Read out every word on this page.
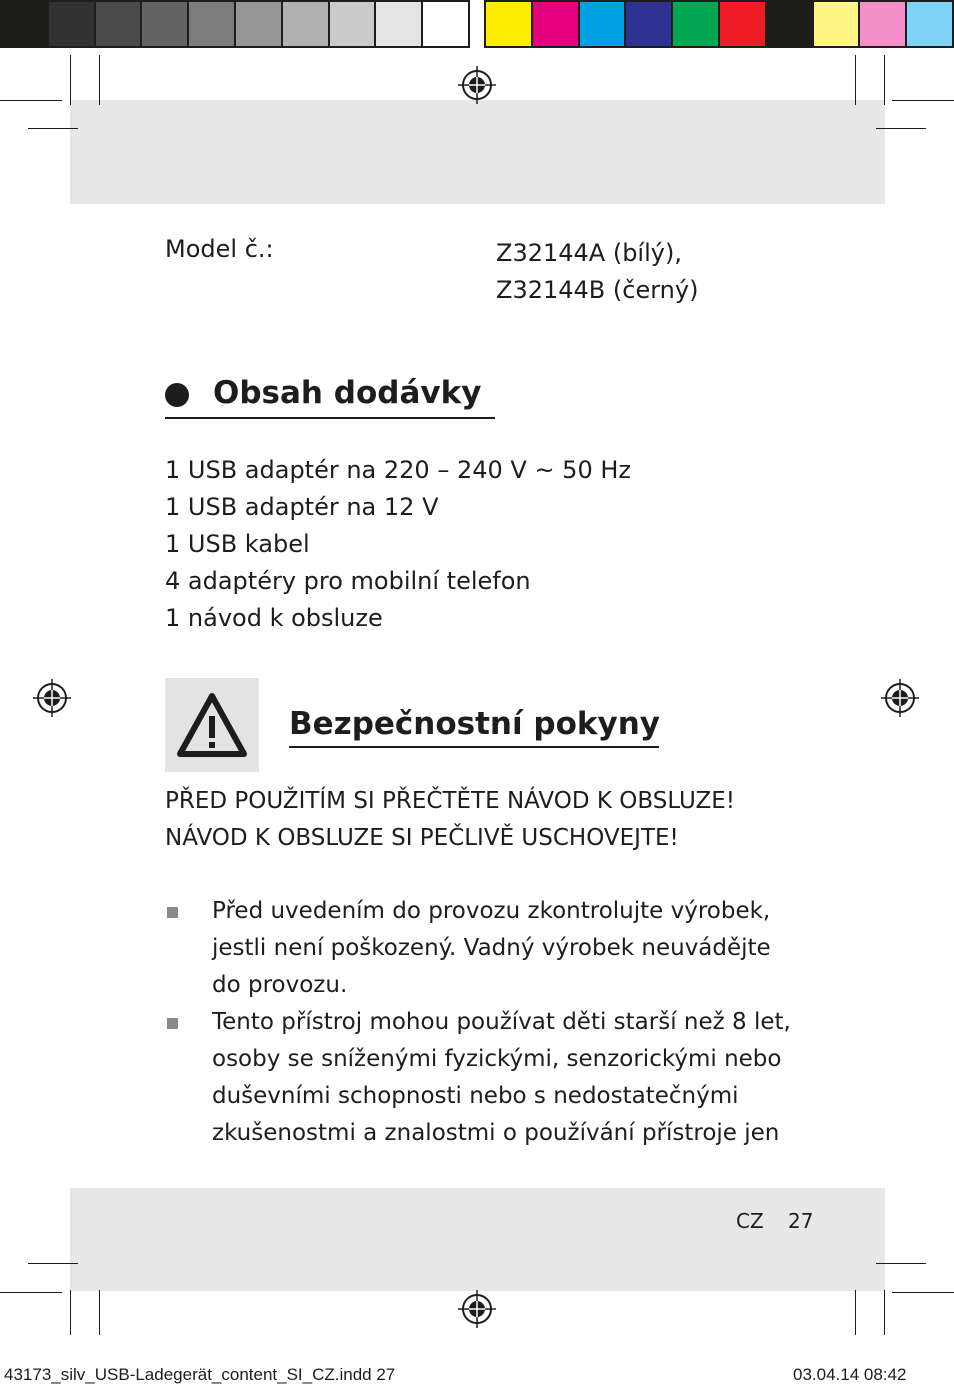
Model č.:	Z32144A (bílý),
Z32144B (černý)
Obsah dodávky
1 USB adaptér na 220 – 240 V ~ 50 Hz
1 USB adaptér na 12 V
1 USB kabel
4 adaptéry pro mobilní telefon
1 návod k obsluze
Bezpečnostní pokyny
PŘED POUŽITÍM SI PŘEČTĚTE NÁVOD K OBSLUZE!
NÁVOD K OBSLUZE SI PEČLIVĚ USCHOVEJTE!
Před uvedením do provozu zkontrolujte výrobek,
jestli není poškozený. Vadný výrobek neuvádějte
do provozu.
Tento přístroj mohou používat děti starší než 8 let,
osoby se sníženými fyzickými, senzorickými nebo
duševními schopnosti nebo s nedostatečnými
zkušenostmi a znalostmi o používání přístroje jen
CZ 27
43173_silv_USB-Ladegerät_content_SI_CZ.indd 27	03.04.14 08:42
